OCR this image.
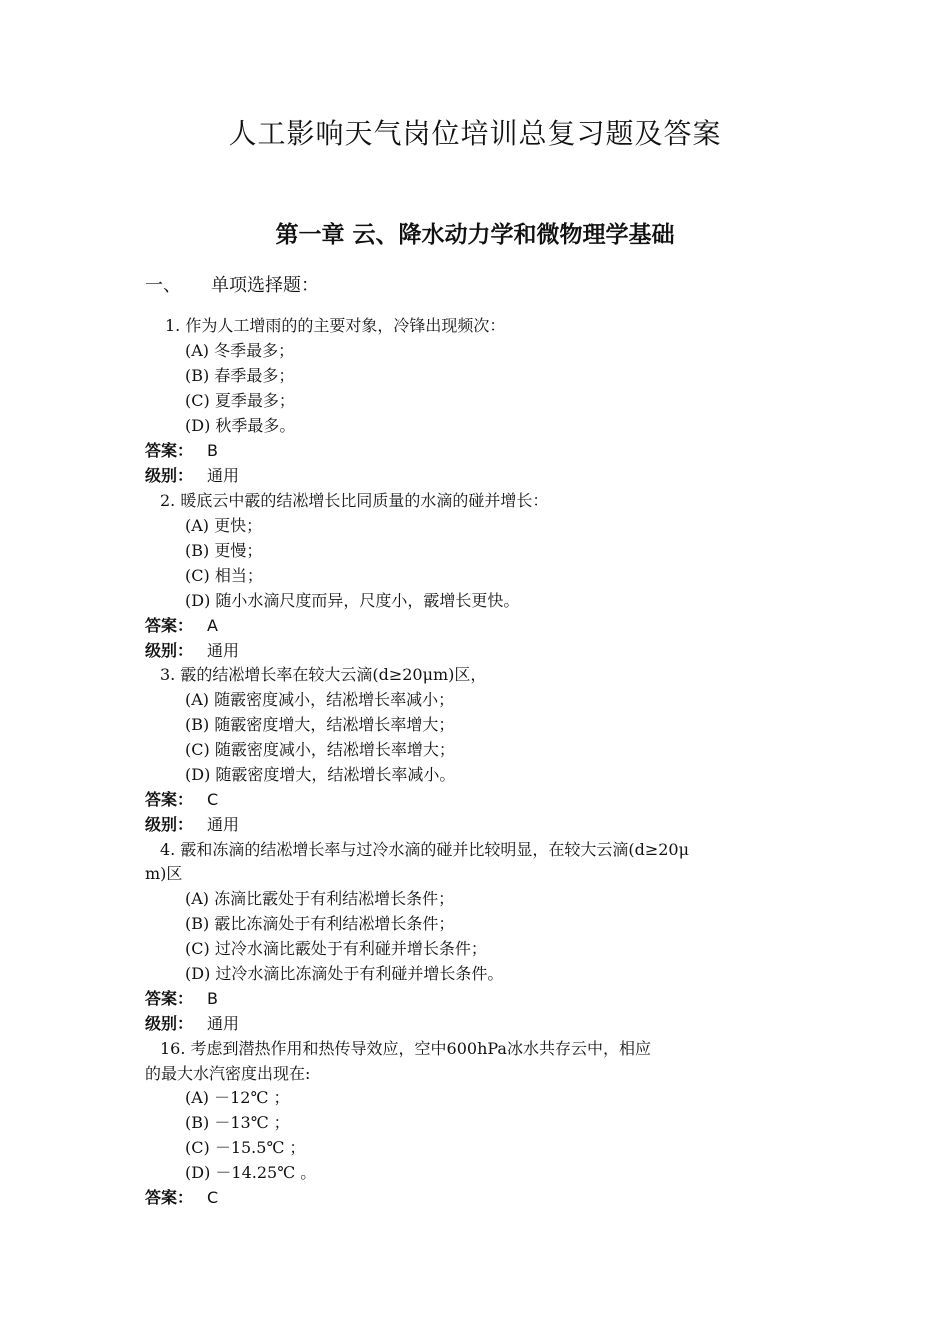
人工影响天气岗位培训总复习题及答案
第一章 云、降水动力学和微物理学基础
一、 单项选择题：
1. 作为人工增雨的的主要对象，冷锋出现频次：
(A) 冬季最多；
(B) 春季最多；
(C) 夏季最多；
(D) 秋季最多。
答案： B
级别： 通用
2. 暖底云中霰的结凇增长比同质量的水滴的碰并增长：
(A) 更快；
(B) 更慢；
(C) 相当；
(D) 随小水滴尺度而异，尺度小，霰增长更快。
答案： A
级别： 通用
3. 霰的结凇增长率在较大云滴(d≥20μm)区，
(A) 随霰密度减小，结凇增长率减小；
(B) 随霰密度增大，结凇增长率增大；
(C) 随霰密度减小，结凇增长率增大；
(D) 随霰密度增大，结凇增长率减小。
答案： C
级别： 通用
4. 霰和冻滴的结凇增长率与过冷水滴的碰并比较明显，在较大云滴(d≥20μ
m)区
(A) 冻滴比霰处于有利结凇增长条件；
(B) 霰比冻滴处于有利结凇增长条件；
(C) 过冷水滴比霰处于有利碰并增长条件；
(D) 过冷水滴比冻滴处于有利碰并增长条件。
答案： B
级别： 通用
16. 考虑到潜热作用和热传导效应，空中600hPa冰水共存云中，相应
的最大水汽密度出现在:
(A) －12℃ ；
(B) －13℃ ；
(C) －15.5℃ ；
(D) －14.25℃ 。
答案： C
